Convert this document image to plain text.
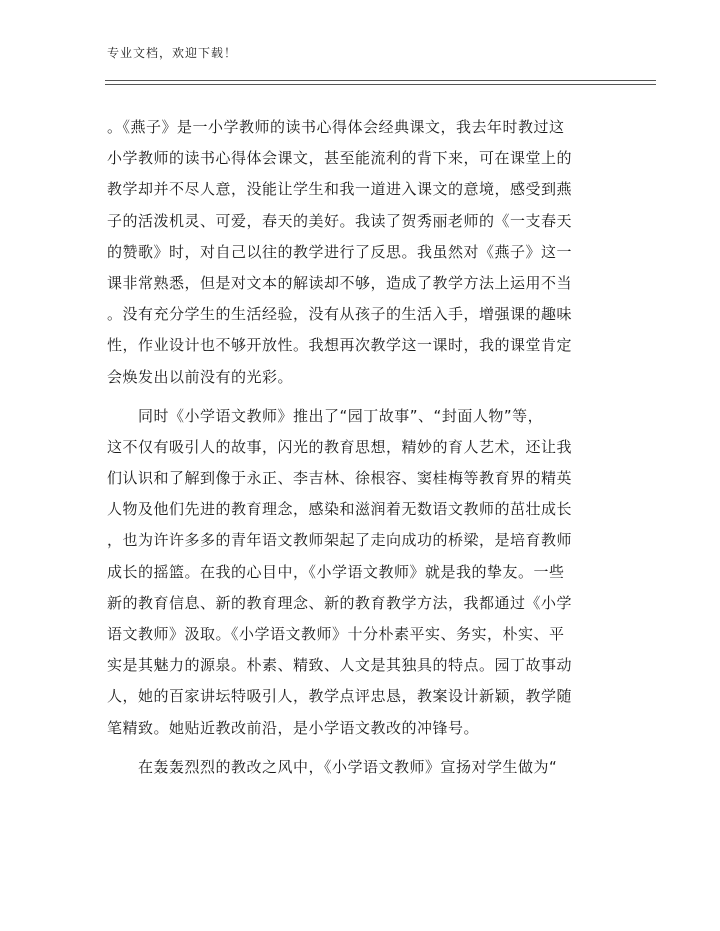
专业文档，欢迎下载！
。《燕子》是一小学教师的读书心得体会经典课文，我去年时教过这
小学教师的读书心得体会课文，甚至能流利的背下来，可在课堂上的
教学却并不尽人意，没能让学生和我一道进入课文的意境，感受到燕
子的活泼机灵、可爱，春天的美好。我读了贺秀丽老师的《一支春天
的赞歌》时，对自己以往的教学进行了反思。我虽然对《燕子》这一
课非常熟悉，但是对文本的解读却不够，造成了教学方法上运用不当
。没有充分学生的生活经验，没有从孩子的生活入手，增强课的趣味
性，作业设计也不够开放性。我想再次教学这一课时，我的课堂肯定
会焕发出以前没有的光彩。
　　同时《小学语文教师》推出了“园丁故事”、“封面人物”等，
这不仅有吸引人的故事，闪光的教育思想，精妙的育人艺术，还让我
们认识和了解到像于永正、李吉林、徐根容、窦桂梅等教育界的精英
人物及他们先进的教育理念，感染和滋润着无数语文教师的茁壮成长
，也为许许多多的青年语文教师架起了走向成功的桥梁，是培育教师
成长的摇篮。在我的心目中，《小学语文教师》就是我的挚友。一些
新的教育信息、新的教育理念、新的教育教学方法，我都通过《小学
语文教师》汲取。《小学语文教师》十分朴素平实、务实，朴实、平
实是其魅力的源泉。朴素、精致、人文是其独具的特点。园丁故事动
人，她的百家讲坛特吸引人，教学点评忠恳，教案设计新颖，教学随
笔精致。她贴近教改前沿，是小学语文教改的冲锋号。
　　在轰轰烈烈的教改之风中，《小学语文教师》宣扬对学生做为“
